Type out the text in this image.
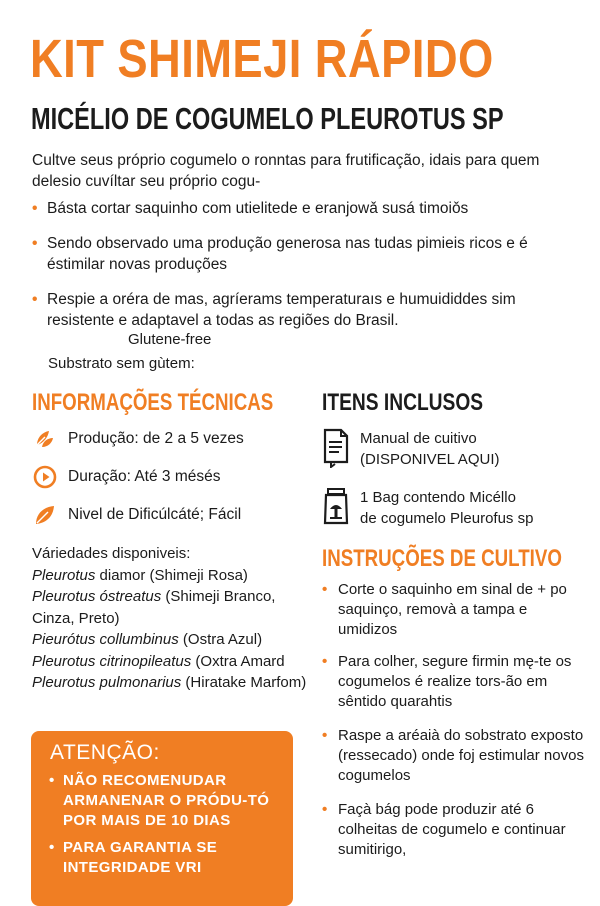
KIT SHIMEJI RÁPIDO
MICÉLIO DE COGUMELO PLEUROTUS SP
Cultve seus próprio cogumelo o ronntas para frutificação, idais para quem delesio cuvíltar seu próprio cogu-
• Básta cortar saquinho com utielitede e eranjowǎ susá timoiǒs
• Sendo observado uma produção generosa nas tudas pimieis ricos e é éstimilar novas produções
• Respie a oréra de mas, agríerams temperaturaıs e humuididdes sim resistente e adaptavel a todas as regiões do Brasil.
Glutene-free
Substrato sem gùtem:
INFORMAÇÕES TÉCNICAS
Produção: de 2 a 5 vezes
Duração: Até 3 mésés
Nivel de Dificúlcáté; Fácil
Váriedades disponiveis:
Pleurotus diamor (Shimeji Rosa)
Pleurotus óstreatus (Shimeji Branco, Cinza, Preto)
Pieurótus collumbinus (Ostra Azul)
Pleurotus citrinopileatus (Oxtra Amard
Pleurotus pulmonarius (Hiratake Marfom)
ITENS INCLUSOS
Manual de cuitivo
(DISPONIVEL AQUI)
1 Bag contendo Micéllo
de cogumelo Pleurofus sp
INSTRUÇÕES DE CULTIVO
• Corte o saquinho em sinal de + po saquinço, removà a tampa e umidizos
• Para colher, segure firmin mę-te os cogumelos é realize tors-ão em sêntido quarahtis
• Raspe a aréaià do sobstrato exposto (ressecado) onde foj estimular novos cogumelos
• Façà bág pode produzir até 6 colheitas de cogumelo e continuar sumitirigo,
ATENÇÃO:
• NÃO RECOMENUDAR ARMANENAR O PRÓDU-TÓ POR MAIS DE 10 DIAS
• PARA GARANTIA SE INTEGRIDADE VRI
